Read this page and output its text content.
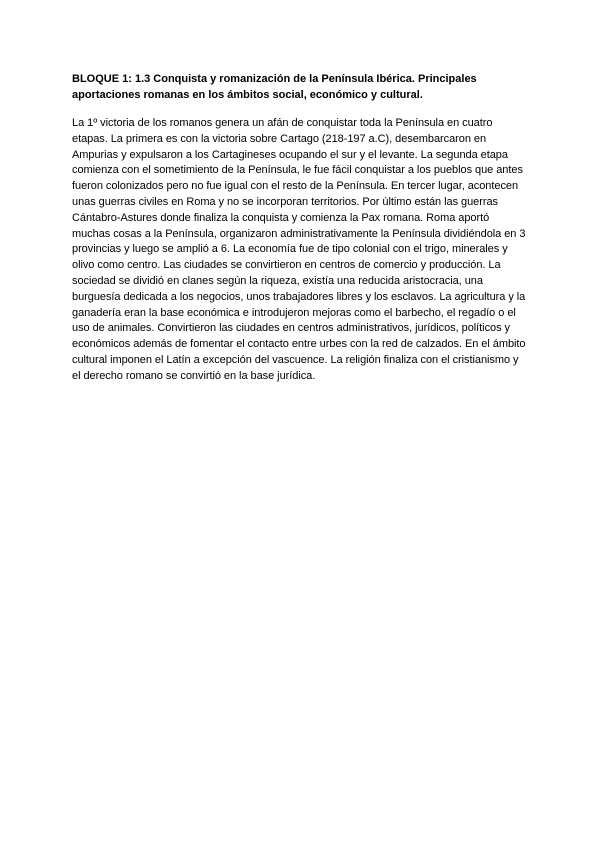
BLOQUE 1: 1.3 Conquista y romanización de la Península Ibérica. Principales aportaciones romanas en los ámbitos social, económico y cultural.

La 1º victoria de los romanos genera un afán de conquistar toda la Península en cuatro etapas. La primera es con la victoria sobre Cartago (218-197 a.C), desembarcaron en Ampurias y expulsaron a los Cartagineses ocupando el sur y el levante. La segunda etapa comienza con el sometimiento de la Península, le fue fácil conquistar a los pueblos que antes fueron colonizados pero no fue igual con el resto de la Península. En tercer lugar, acontecen unas guerras civiles en Roma y no se incorporan territorios. Por último están las guerras Cántabro-Astures donde finaliza la conquista y comienza la Pax romana. Roma aportó muchas cosas a la Península, organizaron administrativamente la Península dividiéndola en 3 provincias y luego se amplió a 6. La economía fue de tipo colonial con el trigo, minerales y olivo como centro. Las ciudades se convirtieron en centros de comercio y producción. La sociedad se dividió en clanes según la riqueza, existía una reducida aristocracia, una burguesía dedicada a los negocios, unos trabajadores libres y los esclavos. La agricultura y la ganadería eran la base económica e introdujeron mejoras como el barbecho, el regadío o el uso de animales. Convirtieron las ciudades en centros administrativos, jurídicos, políticos y económicos además de fomentar el contacto entre urbes con la red de calzados. En el ámbito cultural imponen el Latín a excepción del vascuence. La religión finaliza con el cristianismo y el derecho romano se convirtió en la base jurídica.
